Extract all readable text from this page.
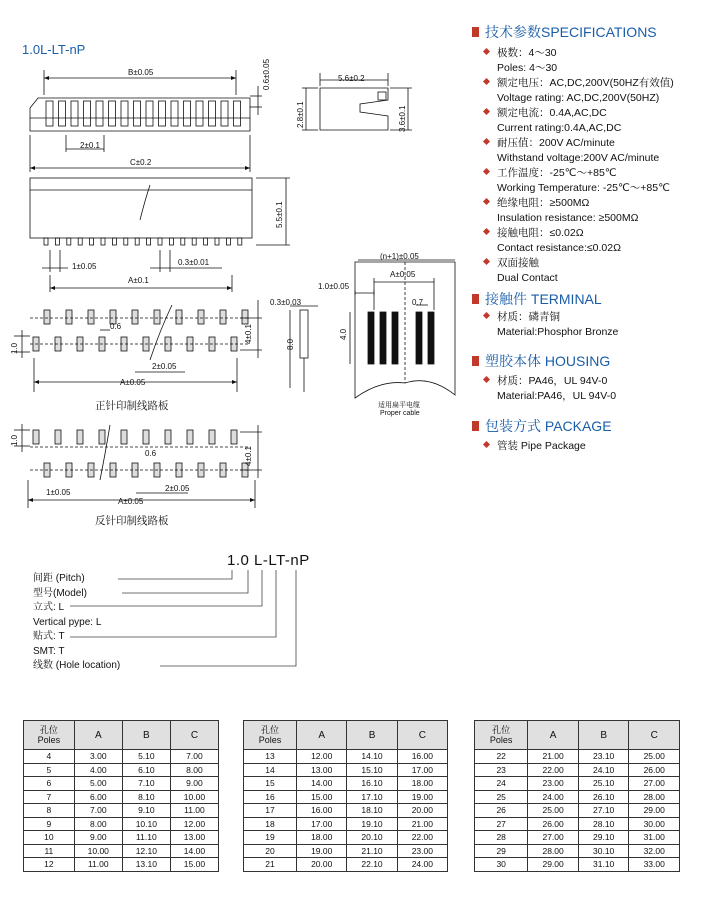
1.0L-LT-nP
技术参数SPECIFICATIONS
极数：4～30
Poles: 4～30
额定电压：AC,DC,200V(50HZ有效值)
Voltage rating: AC,DC,200V(50HZ)
额定电流：0.4A,AC,DC
Current rating:0.4A,AC,DC
耐压值：200V AC/minute
Withstand voltage:200V AC/minute
工作温度：-25℃～+85℃
Working Temperature: -25℃～+85℃
绝缘电阻：≥500MΩ
Insulation resistance: ≥500MΩ
接触电阻：≤0.02Ω
Contact resistance:≤0.02Ω
双面接触
Dual Contact
接触件 TERMINAL
材质：磷青铜
Material:Phosphor Bronze
塑胶本体 HOUSING
材质：PA46，UL 94V-0
Material:PA46，UL 94V-0
包装方式 PACKAGE
管装 Pipe Package
B±0.05	0.6±0.05	5.6±0.2
2.8±0.1	3.6±0.1
2±0.1
C±0.2
5.5±0.1
1±0.05	0.3±0.01
A±0.1
(n+1)±0.05
A±0.05
1.0±0.05
0.3±0.03	0.7
8.0
4.0
0.6
1.0
4±0.1
2±0.05
A±0.05
0.6
1.0
4±0.1
1±0.05	2±0.05
A±0.05
适用扁平电缆
Proper cable
正针印制线路板
反针印制线路板
1.0 L-LT-nP
间距 (Pitch)
型号(Model)
立式: L
Vertical pype: L
贴式: T
SMT: T
线数 (Hole location)
孔位
Poles	A	B	C
4	3.00	5.10	7.00
5	4.00	6.10	8.00
6	5.00	7.10	9.00
7	6.00	8.10	10.00
8	7.00	9.10	11.00
9	8.00	10.10	12.00
10	9.00	11.10	13.00
11	10.00	12.10	14.00
12	11.00	13.10	15.00
孔位
Poles	A	B	C
13	12.00	14.10	16.00
14	13.00	15.10	17.00
15	14.00	16.10	18.00
16	15.00	17.10	19.00
17	16.00	18.10	20.00
18	17.00	19.10	21.00
19	18.00	20.10	22.00
20	19.00	21.10	23.00
21	20.00	22.10	24.00
孔位
Poles	A	B	C
22	21.00	23.10	25.00
23	22.00	24.10	26.00
24	23.00	25.10	27.00
25	24.00	26.10	28.00
26	25.00	27.10	29.00
27	26.00	28.10	30.00
28	27.00	29.10	31.00
29	28.00	30.10	32.00
30	29.00	31.10	33.00
